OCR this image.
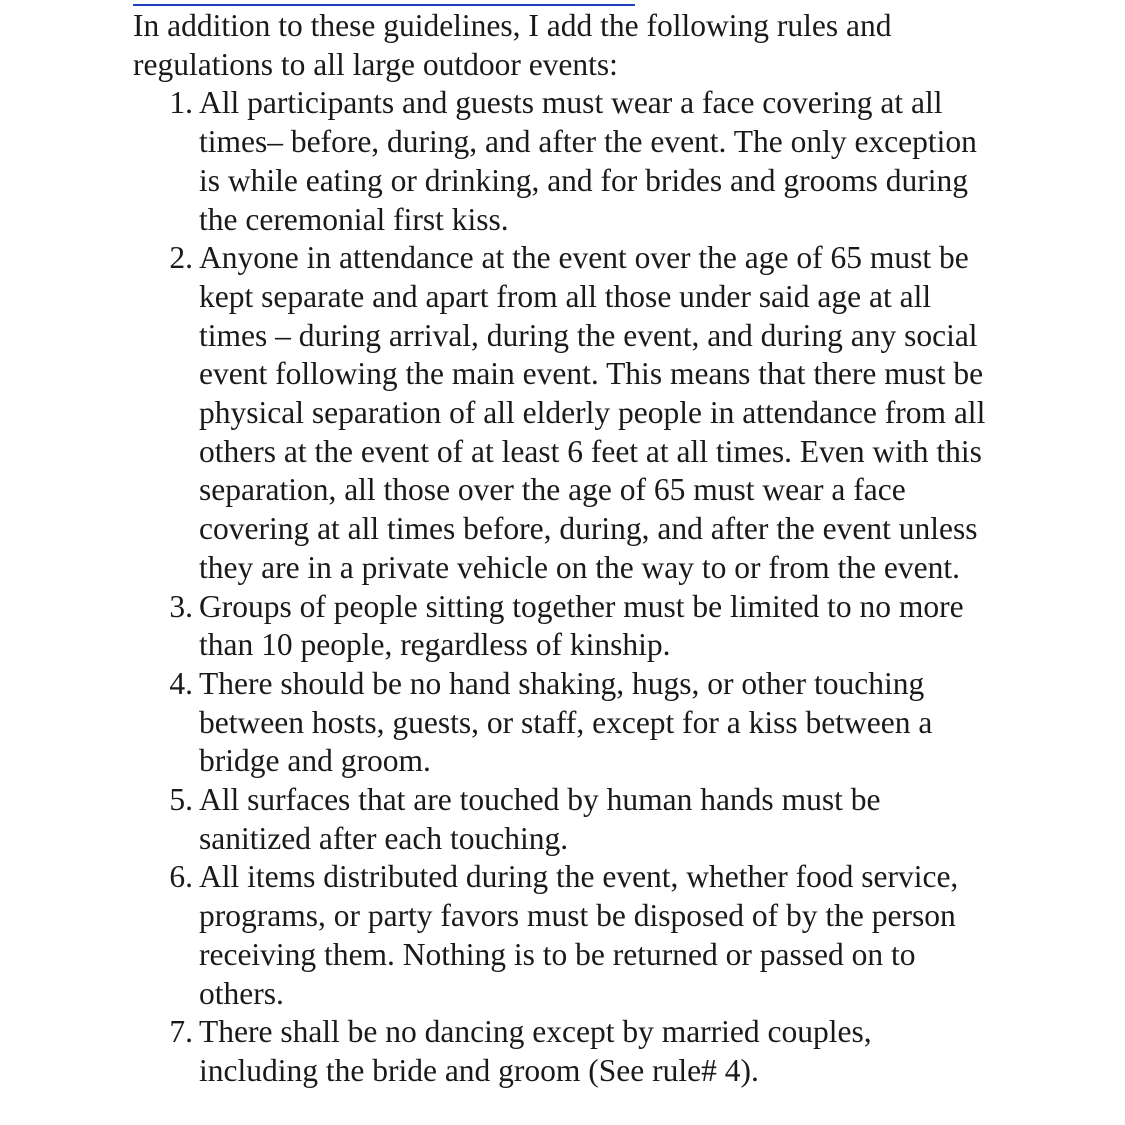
In addition to these guidelines, I add the following rules and regulations to all large outdoor events:

All participants and guests must wear a face covering at all times– before, during, and after the event. The only exception is while eating or drinking, and for brides and grooms during the ceremonial first kiss.
Anyone in attendance at the event over the age of 65 must be kept separate and apart from all those under said age at all times – during arrival, during the event, and during any social event following the main event. This means that there must be physical separation of all elderly people in attendance from all others at the event of at least 6 feet at all times. Even with this separation, all those over the age of 65 must wear a face covering at all times before, during, and after the event unless they are in a private vehicle on the way to or from the event.
Groups of people sitting together must be limited to no more than 10 people, regardless of kinship.
There should be no hand shaking, hugs, or other touching between hosts, guests, or staff, except for a kiss between a bridge and groom.
All surfaces that are touched by human hands must be sanitized after each touching.
All items distributed during the event, whether food service, programs, or party favors must be disposed of by the person receiving them. Nothing is to be returned or passed on to others.
There shall be no dancing except by married couples, including the bride and groom (See rule# 4).
